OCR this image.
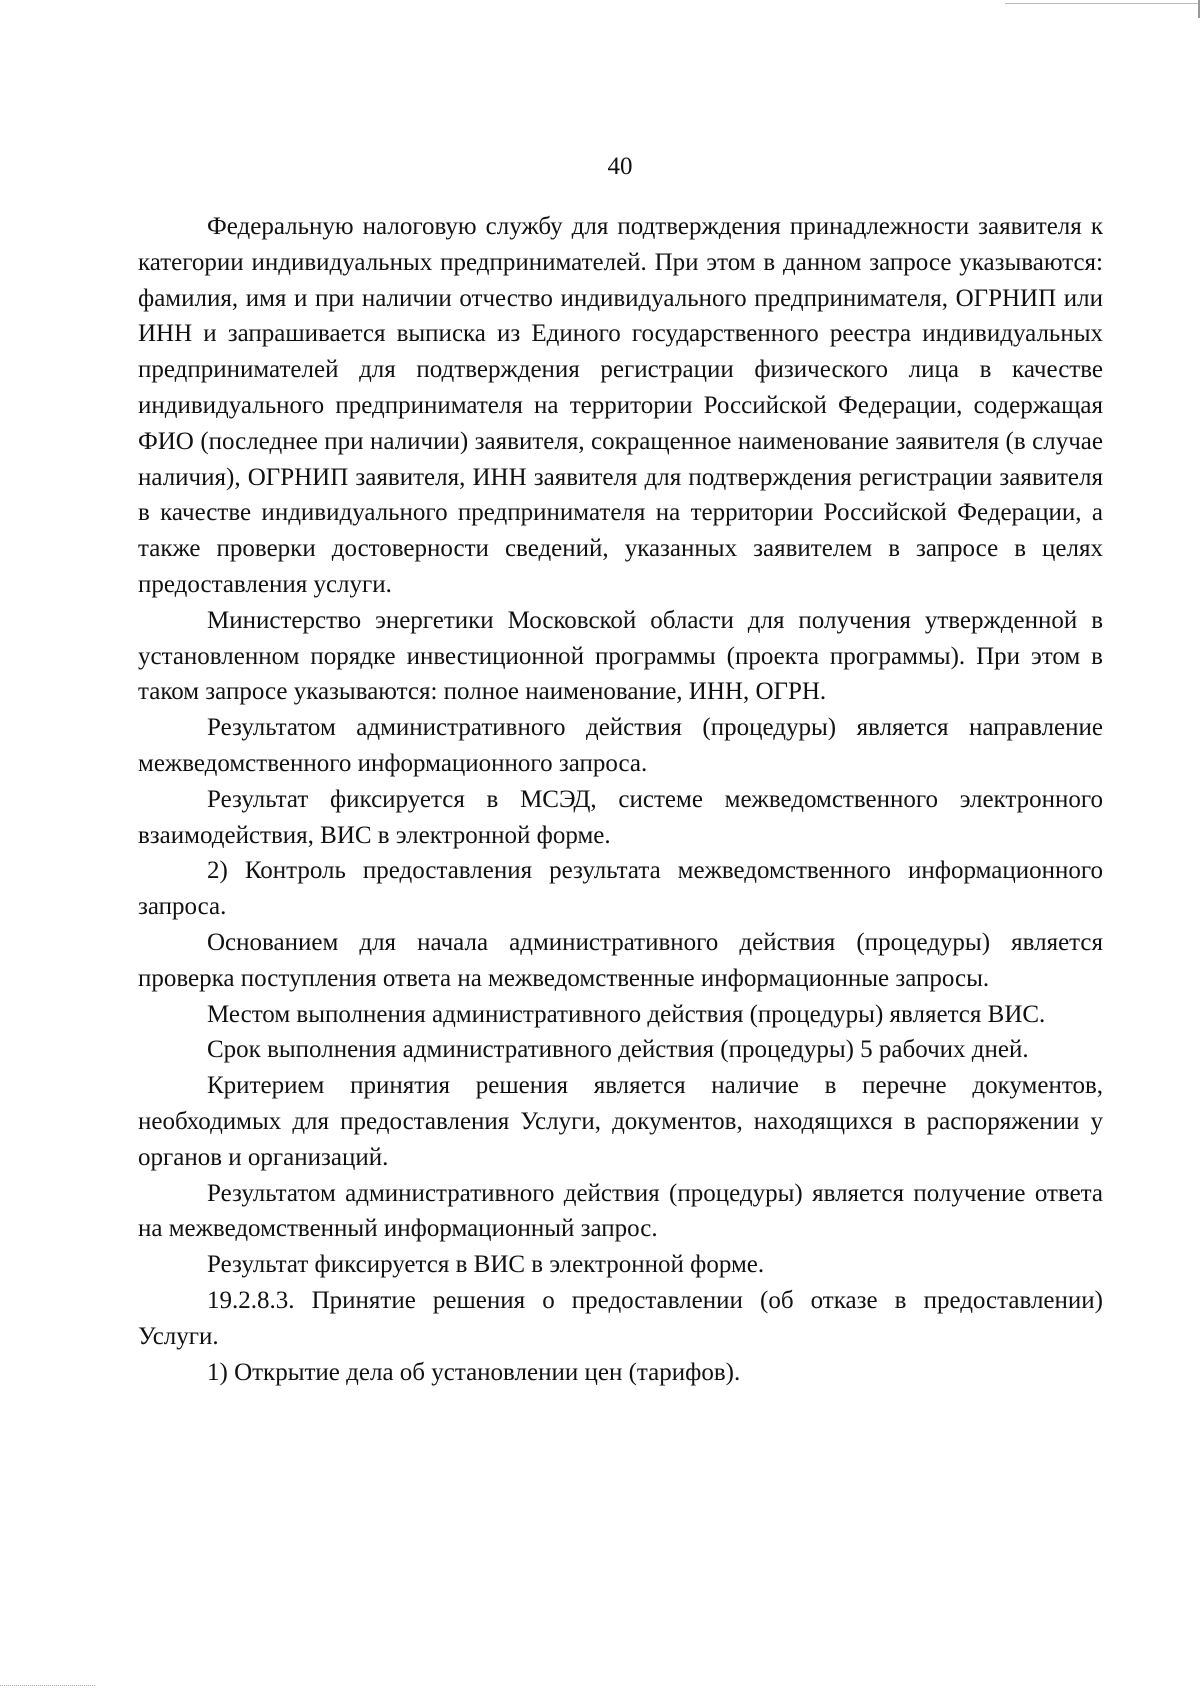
40

Федеральную налоговую службу для подтверждения принадлежности заявителя к категории индивидуальных предпринимателей. При этом в данном запросе указываются: фамилия, имя и при наличии отчество индивидуального предпринимателя, ОГРНИП или ИНН и запрашивается выписка из Единого государственного реестра индивидуальных предпринимателей для подтверждения регистрации физического лица в качестве индивидуального предпринимателя на территории Российской Федерации, содержащая ФИО (последнее при наличии) заявителя, сокращенное наименование заявителя (в случае наличия), ОГРНИП заявителя, ИНН заявителя для подтверждения регистрации заявителя в качестве индивидуального предпринимателя на территории Российской Федерации, а также проверки достоверности сведений, указанных заявителем в запросе в целях предоставления услуги.

Министерство энергетики Московской области для получения утвержденной в установленном порядке инвестиционной программы (проекта программы). При этом в таком запросе указываются: полное наименование, ИНН, ОГРН.

Результатом административного действия (процедуры) является направление межведомственного информационного запроса.

Результат фиксируется в МСЭД, системе межведомственного электронного взаимодействия, ВИС в электронной форме.

2) Контроль предоставления результата межведомственного информационного запроса.

Основанием для начала административного действия (процедуры) является проверка поступления ответа на межведомственные информационные запросы.

Местом выполнения административного действия (процедуры) является ВИС.

Срок выполнения административного действия (процедуры) 5 рабочих дней.

Критерием принятия решения является наличие в перечне документов, необходимых для предоставления Услуги, документов, находящихся в распоряжении у органов и организаций.

Результатом административного действия (процедуры) является получение ответа на межведомственный информационный запрос.

Результат фиксируется в ВИС в электронной форме.

19.2.8.3. Принятие решения о предоставлении (об отказе в предоставлении) Услуги.

1) Открытие дела об установлении цен (тарифов).
